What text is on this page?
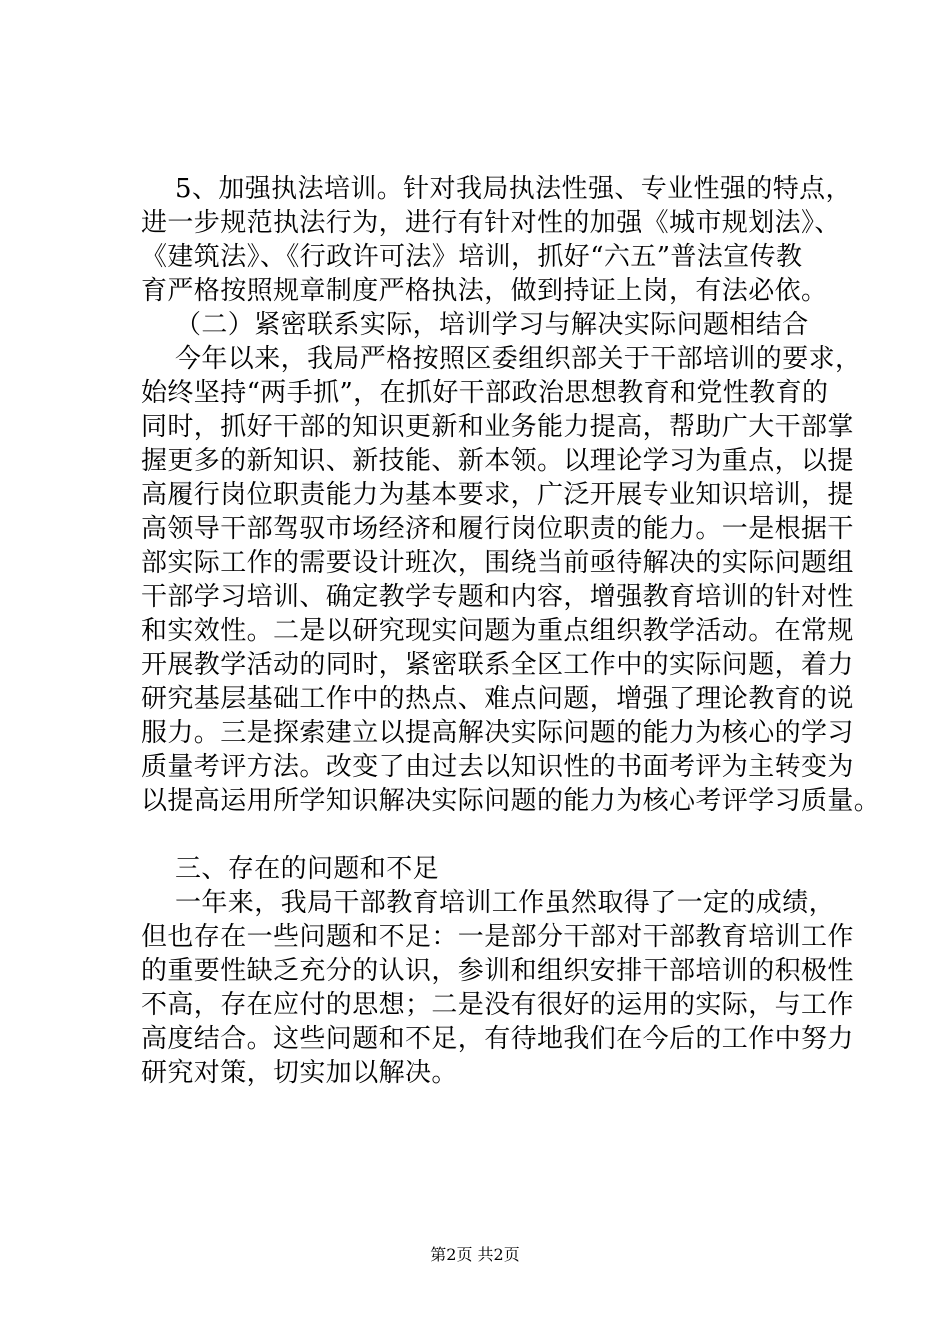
5、加强执法培训。针对我局执法性强、专业性强的特点，
进一步规范执法行为，进行有针对性的加强《城市规划法》、
《建筑法》、《行政许可法》培训，抓好“六五”普法宣传教
育严格按照规章制度严格执法，做到持证上岗，有法必依。
（二）紧密联系实际，培训学习与解决实际问题相结合
今年以来，我局严格按照区委组织部关于干部培训的要求，
始终坚持“两手抓”，在抓好干部政治思想教育和党性教育的
同时，抓好干部的知识更新和业务能力提高，帮助广大干部掌
握更多的新知识、新技能、新本领。以理论学习为重点，以提
高履行岗位职责能力为基本要求，广泛开展专业知识培训，提
高领导干部驾驭市场经济和履行岗位职责的能力。一是根据干
部实际工作的需要设计班次，围绕当前亟待解决的实际问题组
干部学习培训、确定教学专题和内容，增强教育培训的针对性
和实效性。二是以研究现实问题为重点组织教学活动。在常规
开展教学活动的同时，紧密联系全区工作中的实际问题，着力
研究基层基础工作中的热点、难点问题，增强了理论教育的说
服力。三是探索建立以提高解决实际问题的能力为核心的学习
质量考评方法。改变了由过去以知识性的书面考评为主转变为
以提高运用所学知识解决实际问题的能力为核心考评学习质量。
三、存在的问题和不足
一年来，我局干部教育培训工作虽然取得了一定的成绩，
但也存在一些问题和不足：一是部分干部对干部教育培训工作
的重要性缺乏充分的认识，参训和组织安排干部培训的积极性
不高，存在应付的思想；二是没有很好的运用的实际，与工作
高度结合。这些问题和不足，有待地我们在今后的工作中努力
研究对策，切实加以解决。
第2页 共2页
